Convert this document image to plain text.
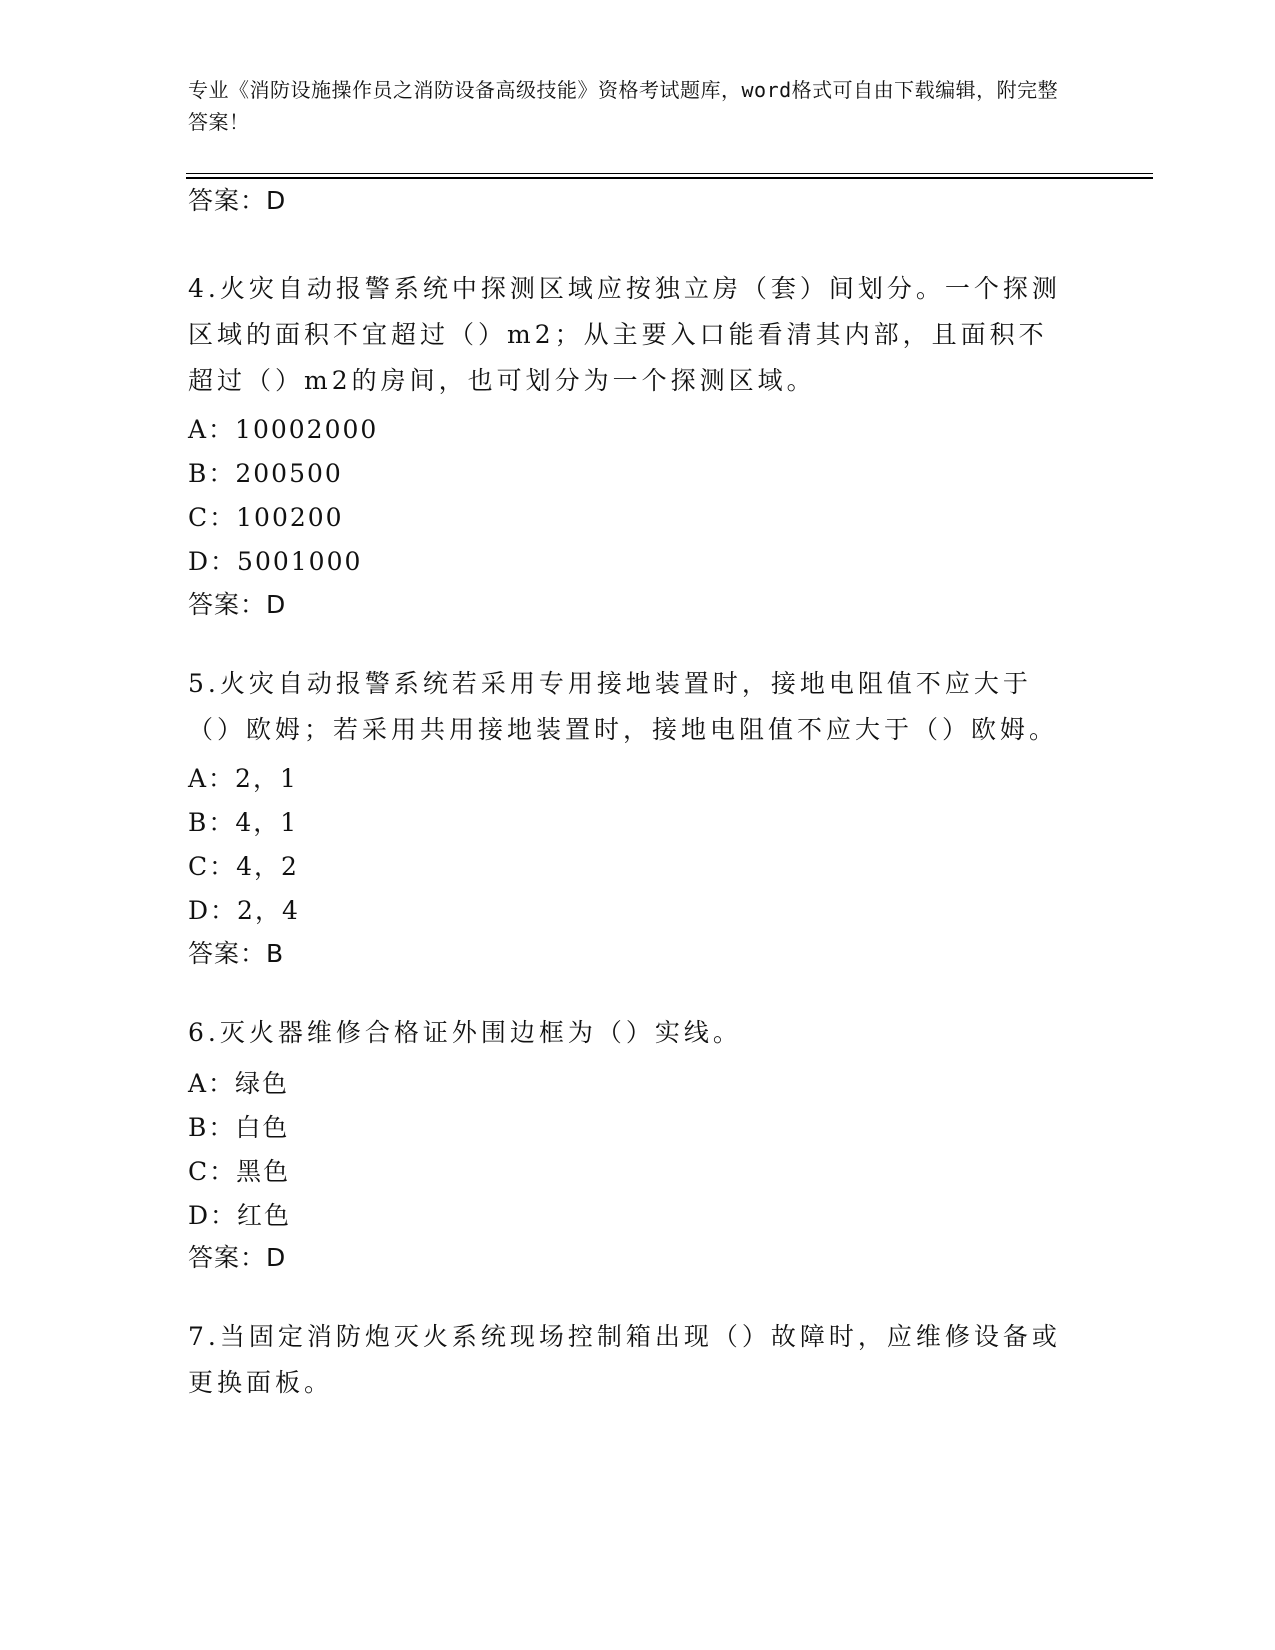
专业《消防设施操作员之消防设备高级技能》资格考试题库，word格式可自由下载编辑，附完整答案！
答案：D
4.火灾自动报警系统中探测区域应按独立房（套）间划分。一个探测区域的面积不宜超过（）m2；从主要入口能看清其内部，且面积不超过（）m2的房间，也可划分为一个探测区域。
A：10002000
B：200500
C：100200
D：5001000
答案：D
5.火灾自动报警系统若采用专用接地装置时，接地电阻值不应大于（）欧姆；若采用共用接地装置时，接地电阻值不应大于（）欧姆。
A：2，1
B：4，1
C：4，2
D：2，4
答案：B
6.灭火器维修合格证外围边框为（）实线。
A：绿色
B：白色
C：黑色
D：红色
答案：D
7.当固定消防炮灭火系统现场控制箱出现（）故障时，应维修设备或更换面板。
